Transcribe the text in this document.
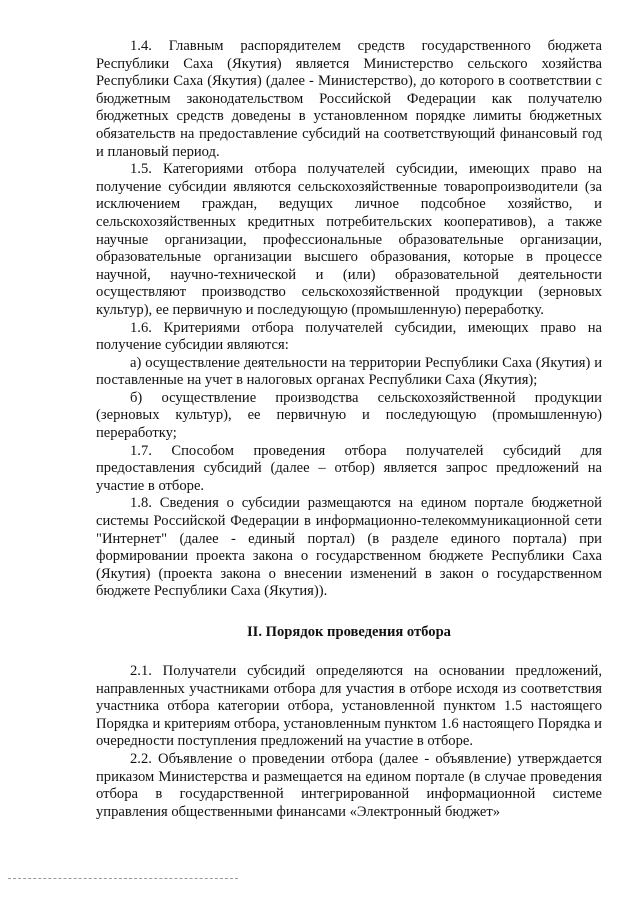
1.4. Главным распорядителем средств государственного бюджета Республики Саха (Якутия) является Министерство сельского хозяйства Республики Саха (Якутия) (далее - Министерство), до которого в соответствии с бюджетным законодательством Российской Федерации как получателю бюджетных средств доведены в установленном порядке лимиты бюджетных обязательств на предоставление субсидий на соответствующий финансовый год и плановый период.

1.5. Категориями отбора получателей субсидии, имеющих право на получение субсидии являются сельскохозяйственные товаропроизводители (за исключением граждан, ведущих личное подсобное хозяйство, и сельскохозяйственных кредитных потребительских кооперативов), а также научные организации, профессиональные образовательные организации, образовательные организации высшего образования, которые в процессе научной, научно-технической и (или) образовательной деятельности осуществляют производство сельскохозяйственной продукции (зерновых культур), ее первичную и последующую (промышленную) переработку.

1.6. Критериями отбора получателей субсидии, имеющих право на получение субсидии являются:

а) осуществление деятельности на территории Республики Саха (Якутия) и поставленные на учет в налоговых органах Республики Саха (Якутия);

б) осуществление производства сельскохозяйственной продукции (зерновых культур), ее первичную и последующую (промышленную) переработку;

1.7. Способом проведения отбора получателей субсидий для предоставления субсидий (далее – отбор) является запрос предложений на участие в отборе.

1.8. Сведения о субсидии размещаются на едином портале бюджетной системы Российской Федерации в информационно-телекоммуникационной сети "Интернет" (далее - единый портал) (в разделе единого портала) при формировании проекта закона о государственном бюджете Республики Саха (Якутия) (проекта закона о внесении изменений в закон о государственном бюджете Республики Саха (Якутия)).

II. Порядок проведения отбора

2.1. Получатели субсидий определяются на основании предложений, направленных участниками отбора для участия в отборе исходя из соответствия участника отбора категории отбора, установленной пунктом 1.5 настоящего Порядка и критериям отбора, установленным пунктом 1.6 настоящего Порядка и очередности поступления предложений на участие в отборе.

2.2. Объявление о проведении отбора (далее - объявление) утверждается приказом Министерства и размещается на едином портале (в случае проведения отбора в государственной интегрированной информационной системе управления общественными финансами «Электронный бюджет»
